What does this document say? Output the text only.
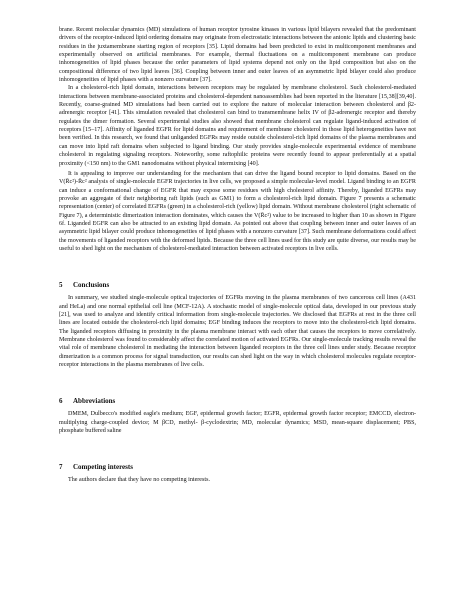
brane. Recent molecular dynamics (MD) simulations of human receptor tyrosine kinases in various lipid bilayers revealed that the predominant drivers of the receptor-induced lipid ordering domains may originate from electrostatic interactions between the anionic lipids and clustering basic residues in the juxtamembrane starting region of receptors [35]. Lipid domains had been predicted to exist in multicomponent membranes and experimentally observed on artificial membranes. For example, thermal fluctuations on a multicomponent membrane can produce inhomogeneities of lipid phases because the order parameters of lipid systems depend not only on the lipid composition but also on the compositional difference of two lipid leaves [36]. Coupling between inner and outer leaves of an asymmetric lipid bilayer could also produce inhomogeneities of lipid phases with a nonzero curvature [37].

In a cholesterol-rich lipid domain, interactions between receptors may be regulated by membrane cholesterol. Such cholesterol-mediated interactions between membrane-associated proteins and cholesterol-dependent nanoassemblies had been reported in the literature [15,38][39,40]. Recently, coarse-grained MD simulations had been carried out to explore the nature of molecular interaction between cholesterol and β2-adrenergic receptor [41]. This simulation revealed that cholesterol can bind to transmembrane helix IV of β2-adrenergic receptor and thereby regulates the dimer formation. Several experimental studies also showed that membrane cholesterol can regulate ligand-induced activation of receptors [15–17]. Affinity of liganded EGFR for lipid domains and requirement of membrane cholesterol in those lipid heterogeneities have not been verified. In this research, we found that unliganded EGFRs may reside outside cholesterol-rich lipid domains of the plasma membranes and can move into lipid raft domains when subjected to ligand binding. Our study provides single-molecule experimental evidence of membrane cholesterol in regulating signaling receptors. Noteworthy, some raftophilic proteins were recently found to appear preferentially at a spatial proximity (<150 nm) to the GM1 nanodomains without physical intermixing [40].

It is appealing to improve our understanding for the mechanism that can drive the ligand bound receptor to lipid domains. Based on the V(R̄c²)-R̄c² analysis of single-molecule EGFR trajectories in live cells, we proposed a simple molecular-level model. Ligand binding to an EGFR can induce a conformational change of EGFR that may expose some residues with high cholesterol affinity. Thereby, liganded EGFRs may provoke an aggregate of their neighboring raft lipids (such as GM1) to form a cholesterol-rich lipid domain. Figure 7 presents a schematic representation (center) of correlated EGFRs (green) in a cholesterol-rich (yellow) lipid domain. Without membrane cholesterol (right schematic of Figure 7), a deterministic dimerization interaction dominates, which causes the V(R̄c²) value to be increased to higher than 10 as shown in Figure 6f. Liganded EGFR can also be attracted to an existing lipid domain. As pointed out above that coupling between inner and outer leaves of an asymmetric lipid bilayer could produce inhomogeneities of lipid phases with a nonzero curvature [37]. Such membrane deformations could affect the movements of liganded receptors with the deformed lipids. Because the three cell lines used for this study are quite diverse, our results may be useful to shed light on the mechanism of cholesterol-mediated interaction between activated receptors in live cells.

5 Conclusions

In summary, we studied single-molecule optical trajectories of EGFRs moving in the plasma membranes of two cancerous cell lines (A431 and HeLa) and one normal epithelial cell line (MCF-12A). A stochastic model of single-molecule optical data, developed in our previous study [21], was used to analyze and identify critical information from single-molecule trajectories. We disclosed that EGFRs at rest in the three cell lines are located outside the cholesterol-rich lipid domains; EGF binding induces the receptors to move into the cholesterol-rich lipid domains. The liganded receptors diffusing in proximity in the plasma membrane interact with each other that causes the receptors to move correlatively. Membrane cholesterol was found to considerably affect the correlated motion of activated EGFRs. Our single-molecule tracking results reveal the vital role of membrane cholesterol in mediating the interaction between liganded receptors in the three cell lines under study. Because receptor dimerization is a common process for signal transduction, our results can shed light on the way in which cholesterol molecules regulate receptor-receptor interactions in the plasma membranes of live cells.

6 Abbreviations

DMEM, Dulbecco's modified eagle's medium; EGF, epidermal growth factor; EGFR, epidermal growth factor receptor; EMCCD, electron-multiplying charge-coupled device; M βCD, methyl- β-cyclodextrin; MD, molecular dynamics; MSD, mean-square displacement; PBS, phosphate buffered saline

7 Competing interests

The authors declare that they have no competing interests.
